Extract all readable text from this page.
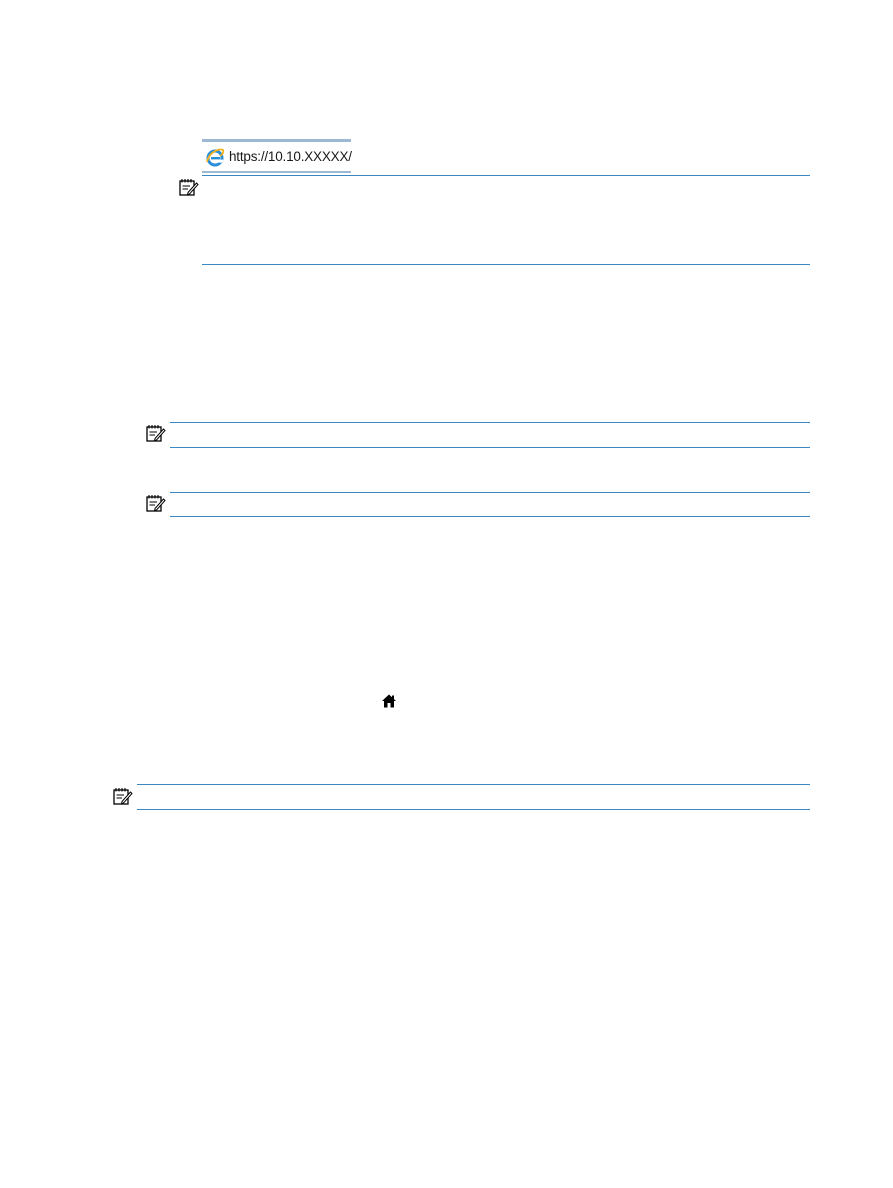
https://10.10.XXXXX/
